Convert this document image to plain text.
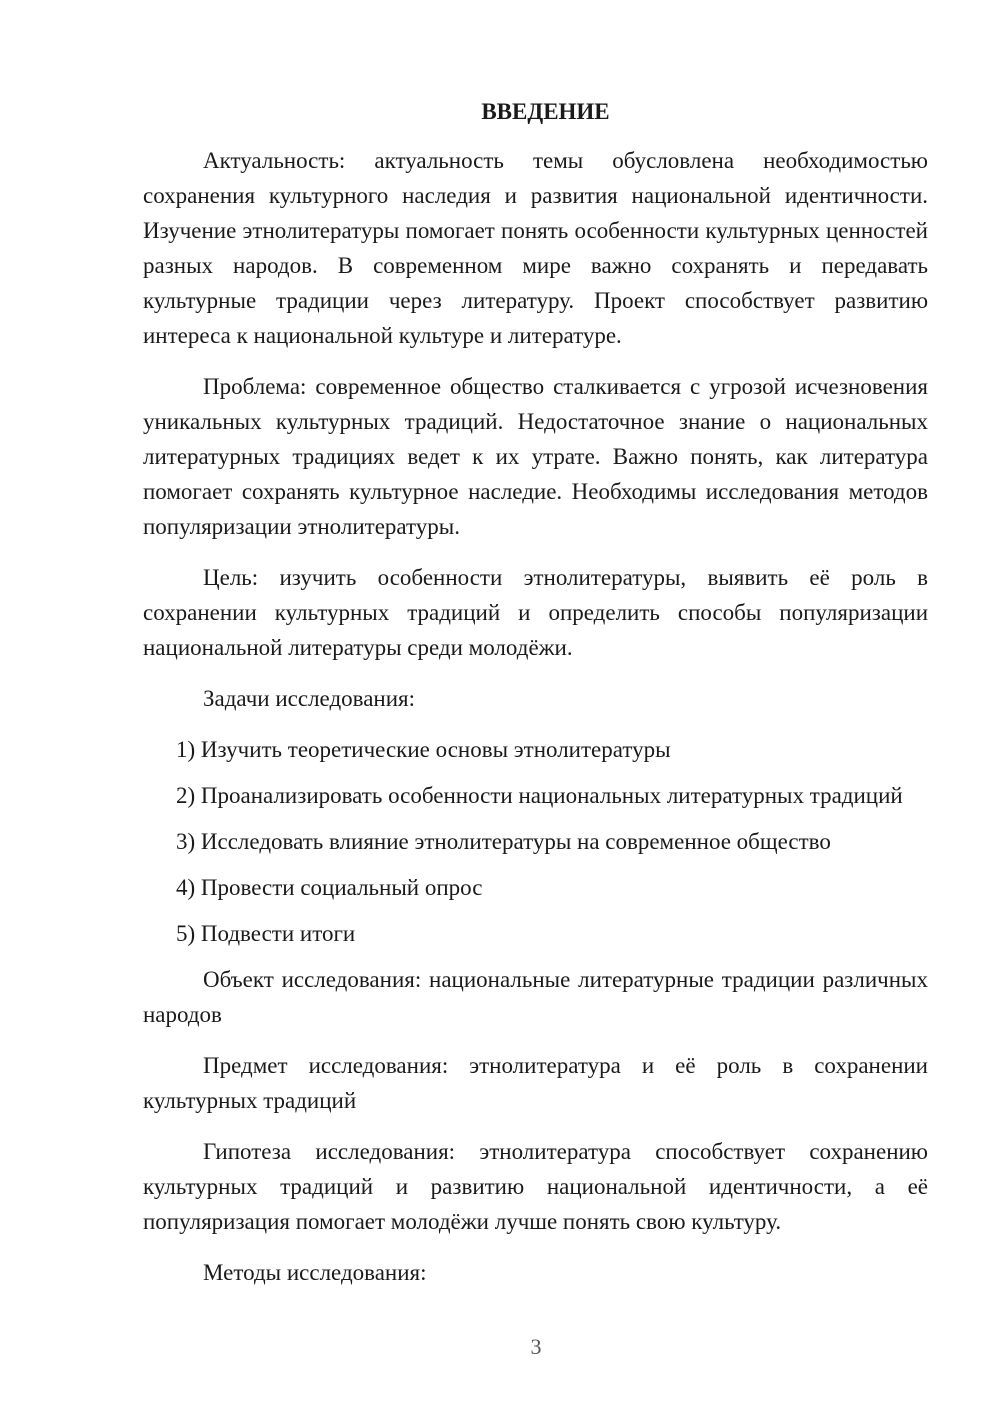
ВВЕДЕНИЕ

Актуальность: актуальность темы обусловлена необходимостью сохранения культурного наследия и развития национальной идентичности. Изучение этнолитературы помогает понять особенности культурных ценностей разных народов. В современном мире важно сохранять и передавать культурные традиции через литературу. Проект способствует развитию интереса к национальной культуре и литературе.

Проблема: современное общество сталкивается с угрозой исчезновения уникальных культурных традиций. Недостаточное знание о национальных литературных традициях ведет к их утрате. Важно понять, как литература помогает сохранять культурное наследие. Необходимы исследования методов популяризации этнолитературы.

Цель: изучить особенности этнолитературы, выявить её роль в сохранении культурных традиций и определить способы популяризации национальной литературы среди молодёжи.

Задачи исследования:

1) Изучить теоретические основы этнолитературы

2) Проанализировать особенности национальных литературных традиций

3) Исследовать влияние этнолитературы на современное общество

4) Провести социальный опрос

5) Подвести итоги

Объект исследования: национальные литературные традиции различных народов

Предмет исследования: этнолитература и её роль в сохранении культурных традиций

Гипотеза исследования: этнолитература способствует сохранению культурных традиций и развитию национальной идентичности, а её популяризация помогает молодёжи лучше понять свою культуру.

Методы исследования:

3
